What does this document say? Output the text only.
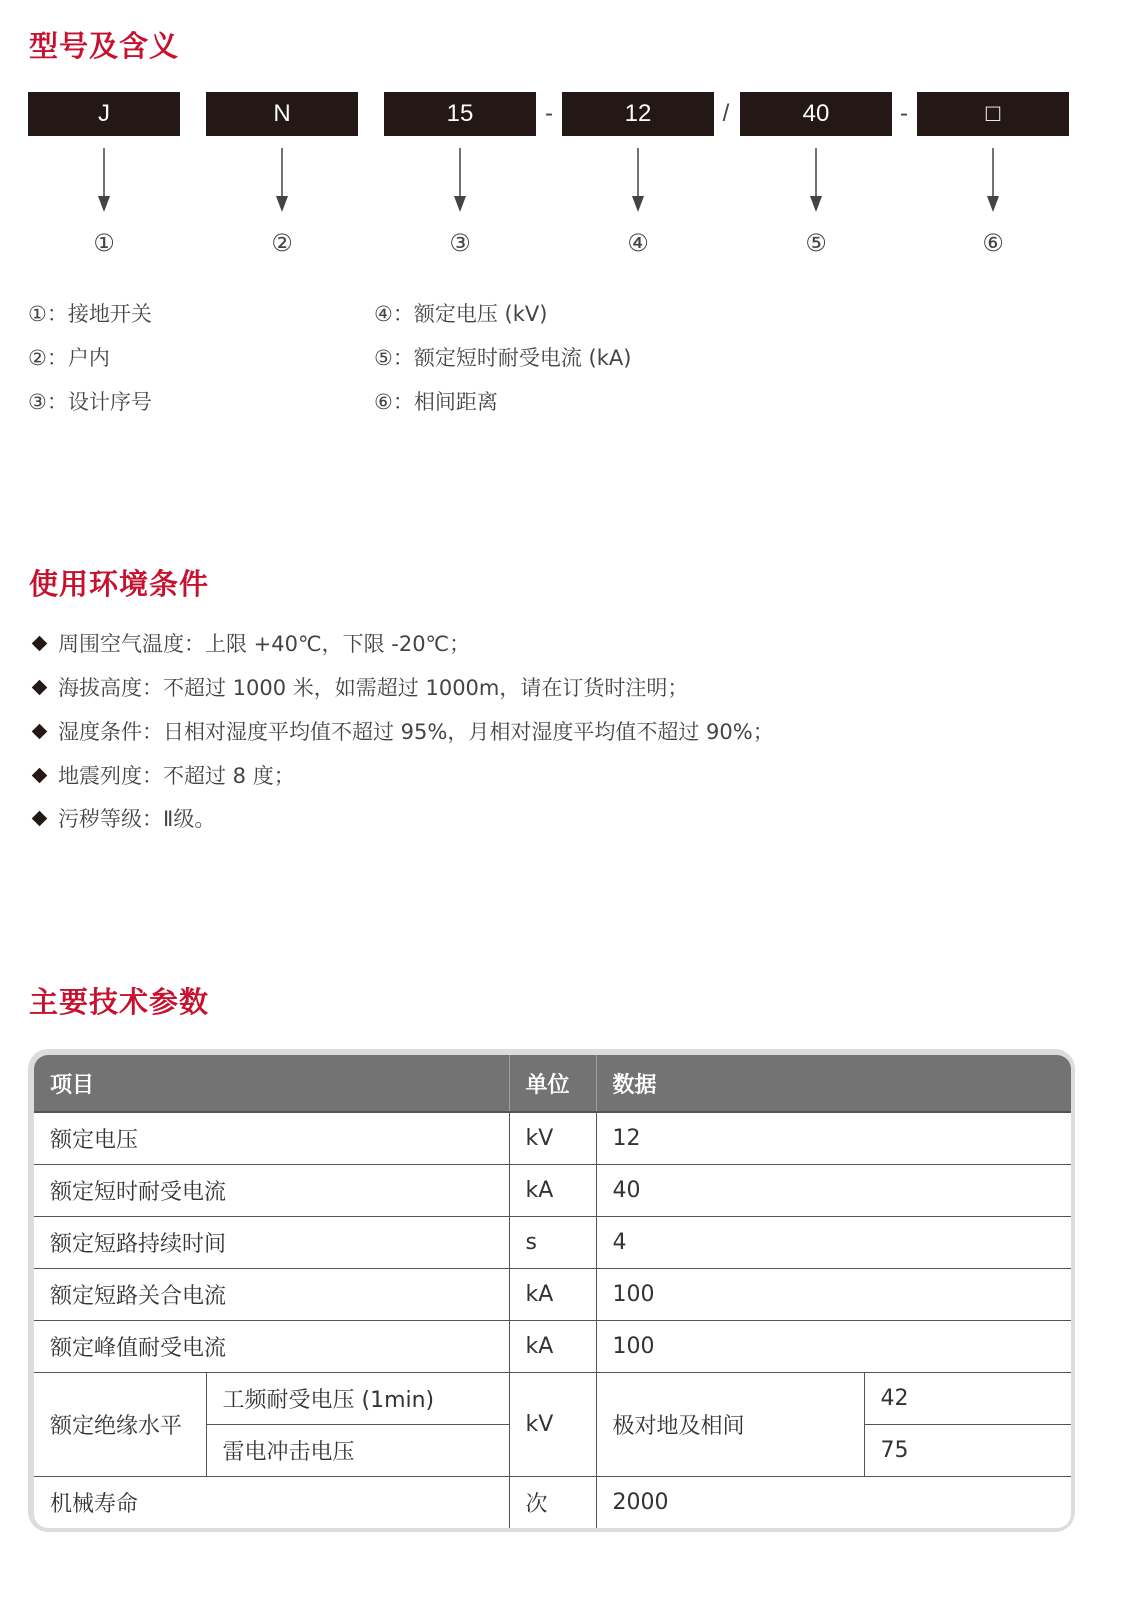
型号及含义
J	N	15	-	12	/	40	-	□
①	②	③	④	⑤	⑥
①：接地开关
②：户内
③：设计序号
④：额定电压 (kV)
⑤：额定短时耐受电流 (kA)
⑥：相间距离
使用环境条件
周围空气温度：上限 +40℃，下限 -20℃；
海拔高度：不超过 1000 米，如需超过 1000m，请在订货时注明；
湿度条件：日相对湿度平均值不超过 95%，月相对湿度平均值不超过 90%；
地震列度：不超过 8 度；
污秽等级：Ⅱ级。
主要技术参数
项目		单位	数据	
额定电压		kV	12	
额定短时耐受电流		kA	40	
额定短路持续时间		s	4	
额定短路关合电流		kA	100	
额定峰值耐受电流		kA	100	
额定绝缘水平	工频耐受电压 (1min)	kV	极对地及相间	42
	雷电冲击电压			75
机械寿命		次	2000	
